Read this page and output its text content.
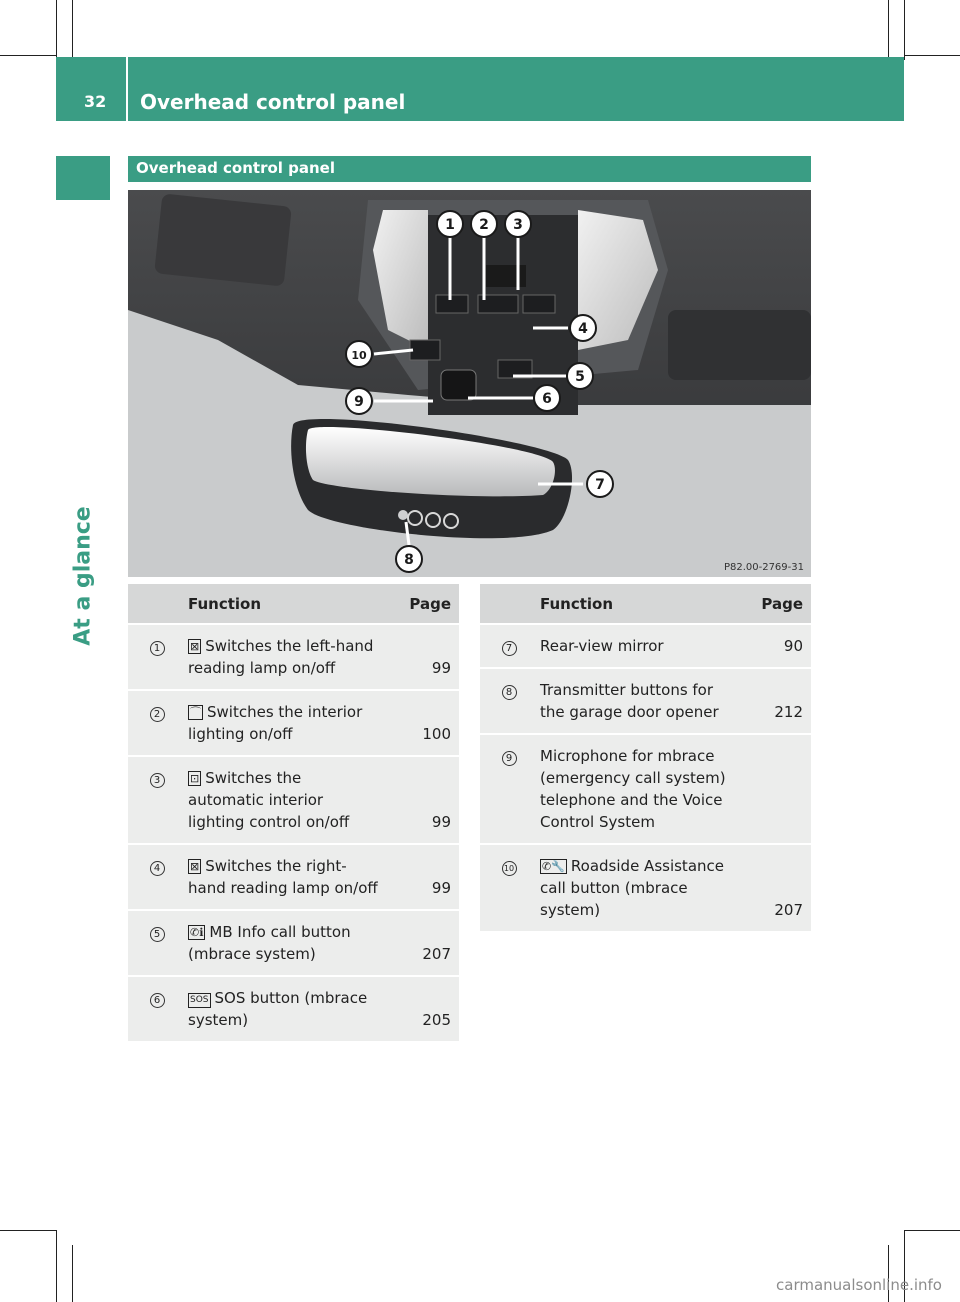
32 Overhead control panel
At a glance
Overhead control panel
1 2 3
4
5
6
7
8
9
10
P82.00-2769-31
	Function	Page
1	⊠ Switches the left-hand reading lamp on/off	99

2	⌒ Switches the interior lighting on/off	100

3	⊡ Switches the automatic interior lighting control on/off	99

4	⊠ Switches the right-hand reading lamp on/off	99

5	✆ℹ MB Info call button (mbrace system)	207

6	SOS SOS button (mbrace system)	205
	Function	Page
7	Rear-view mirror	90

8	Transmitter buttons for the garage door opener	212

9	Microphone for mbrace (emergency call system) telephone and the Voice Control System	

10	✆🔧 Roadside Assistance call button (mbrace system)	207
carmanualsonline.info
